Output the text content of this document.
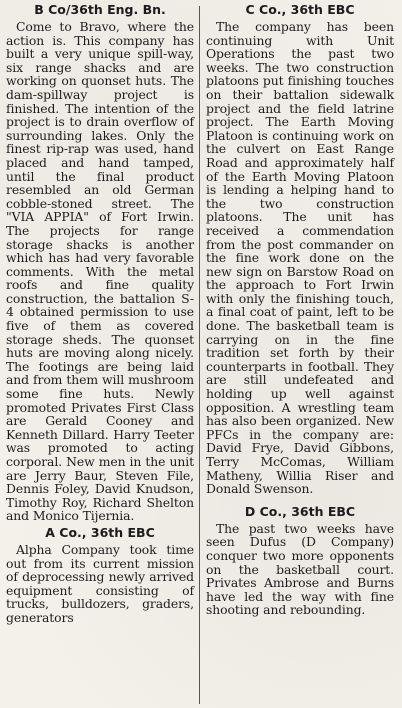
B Co/36th Eng. Bn.

Come to Bravo, where the action is. This company has built a very unique spill-way, six range shacks and are working on quonset huts. The dam-spillway project is finished. The intention of the project is to drain overflow of surrounding lakes. Only the finest rip-rap was used, hand placed and hand tamped, until the final product resembled an old German cobble-stoned street. The "VIA APPIA" of Fort Irwin. The projects for range storage shacks is another which has had very favorable comments. With the metal roofs and fine quality construction, the battalion S-4 obtained permission to use five of them as covered storage sheds. The quonset huts are moving along nicely. The footings are being laid and from them will mushroom some fine huts. Newly promoted Privates First Class are Gerald Cooney and Kenneth Dillard. Harry Teeter was promoted to acting corporal. New men in the unit are Jerry Baur, Steven File, Dennis Foley, David Knudson, Timothy Roy, Richard Shelton and Monico Tijernia.

A Co., 36th EBC

Alpha Company took time out from its current mission of deprocessing newly arrived equipment consisting of trucks, bulldozers, graders, generators

C Co., 36th EBC

The company has been continuing with Unit Operations the past two weeks. The two construction platoons put finishing touches on their battalion sidewalk project and the field latrine project. The Earth Moving Platoon is continuing work on the culvert on East Range Road and approximately half of the Earth Moving Platoon is lending a helping hand to the two construction platoons. The unit has received a commendation from the post commander on the fine work done on the new sign on Barstow Road on the approach to Fort Irwin with only the finishing touch, a final coat of paint, left to be done. The basketball team is carrying on in the fine tradition set forth by their counterparts in football. They are still undefeated and holding up well against opposition. A wrestling team has also been organized. New PFCs in the company are: David Frye, David Gibbons, Terry McComas, William Matheny, Willia Riser and Donald Swenson.

D Co., 36th EBC

The past two weeks have seen Dufus (D Company) conquer two more opponents on the basketball court. Privates Ambrose and Burns have led the way with fine shooting and rebounding.
